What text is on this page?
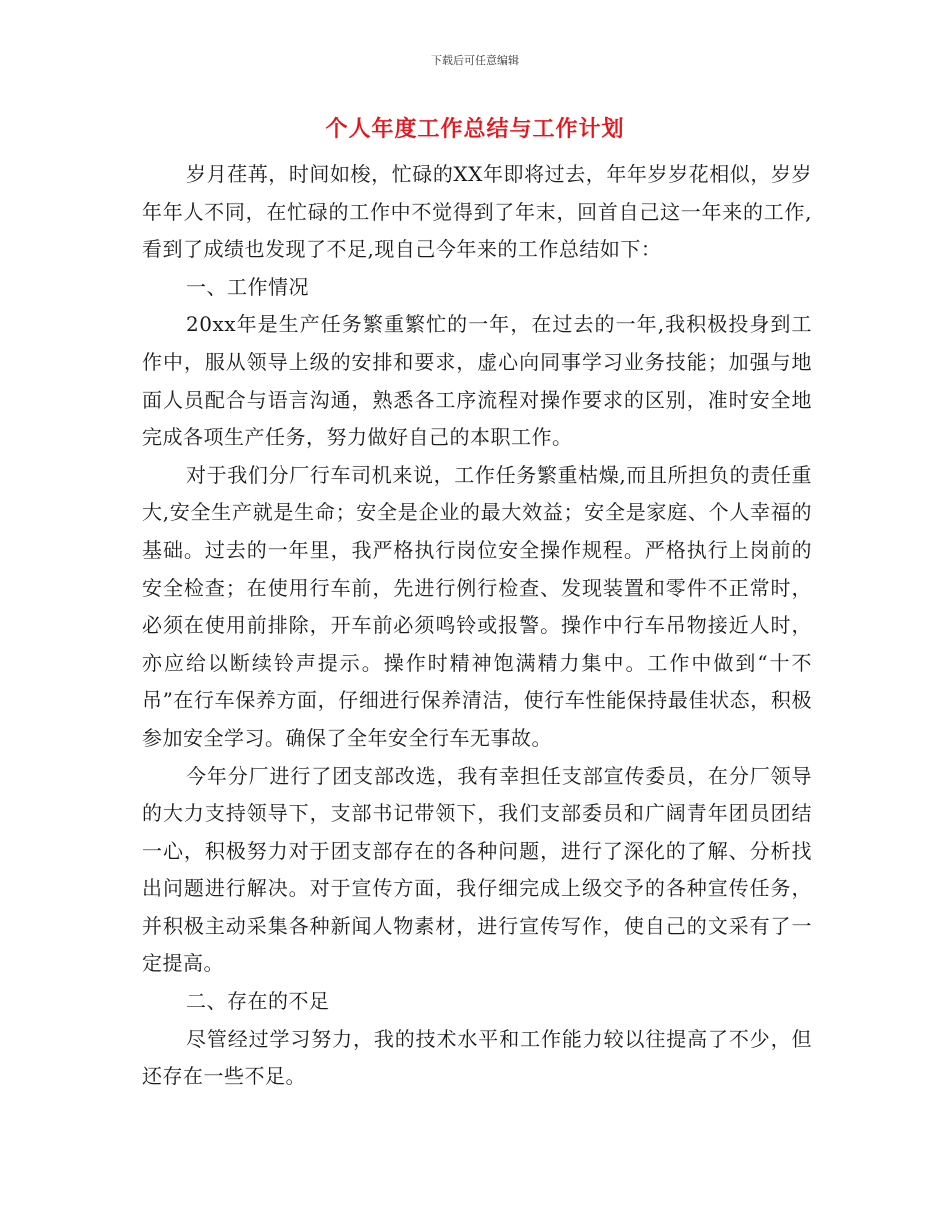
下载后可任意编辑
个人年度工作总结与工作计划

岁月荏苒，时间如梭，忙碌的XX年即将过去，年年岁岁花相似，岁岁年年人不同，在忙碌的工作中不觉得到了年末，回首自己这一年来的工作,看到了成绩也发现了不足,现自己今年来的工作总结如下：

一、工作情况

20xx年是生产任务繁重繁忙的一年，在过去的一年,我积极投身到工作中，服从领导上级的安排和要求，虚心向同事学习业务技能；加强与地面人员配合与语言沟通，熟悉各工序流程对操作要求的区别，准时安全地完成各项生产任务，努力做好自己的本职工作。

对于我们分厂行车司机来说，工作任务繁重枯燥,而且所担负的责任重大,安全生产就是生命；安全是企业的最大效益；安全是家庭、个人幸福的基础。过去的一年里，我严格执行岗位安全操作规程。严格执行上岗前的安全检查；在使用行车前，先进行例行检查、发现装置和零件不正常时，必须在使用前排除，开车前必须鸣铃或报警。操作中行车吊物接近人时，亦应给以断续铃声提示。操作时精神饱满精力集中。工作中做到“十不吊”在行车保养方面，仔细进行保养清洁，使行车性能保持最佳状态，积极参加安全学习。确保了全年安全行车无事故。

今年分厂进行了团支部改选，我有幸担任支部宣传委员，在分厂领导的大力支持领导下，支部书记带领下，我们支部委员和广阔青年团员团结一心，积极努力对于团支部存在的各种问题，进行了深化的了解、分析找出问题进行解决。对于宣传方面，我仔细完成上级交予的各种宣传任务，并积极主动采集各种新闻人物素材，进行宣传写作，使自己的文采有了一定提高。

二、存在的不足

尽管经过学习努力，我的技术水平和工作能力较以往提高了不少，但还存在一些不足。
